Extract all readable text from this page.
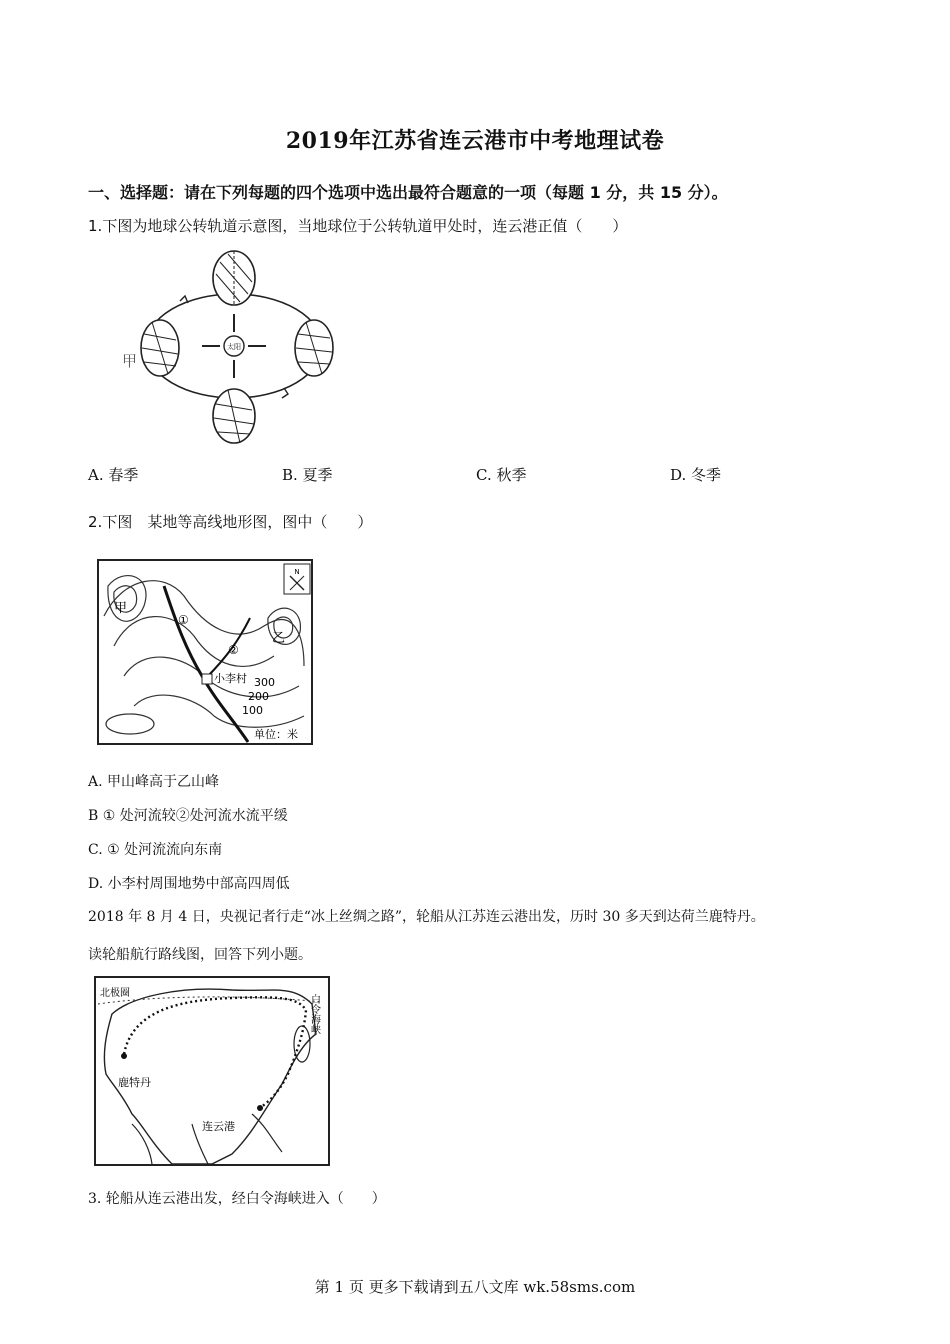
2019年江苏省连云港市中考地理试卷
一、选择题：请在下列每题的四个选项中选出最符合题意的一项（每题 1 分，共 15 分）。
1.下图为地球公转轨道示意图，当地球位于公转轨道甲处时，连云港正值（　　）
太阳
甲
A. 春季	B. 夏季	C. 秋季	D. 冬季
2.下图　某地等高线地形图，图中（　　）
N
甲
乙
①
②
小李村 300
200
100
单位：米
A. 甲山峰高于乙山峰
B ① 处河流较②处河流水流平缓
C. ① 处河流流向东南
D. 小李村周围地势中部高四周低
2018 年 8 月 4 日，央视记者行走“冰上丝绸之路”，轮船从江苏连云港出发，历时 30 多天到达荷兰鹿特丹。
读轮船航行路线图，回答下列小题。
北极圈
鹿特丹
连云港
白令海峡
3. 轮船从连云港出发，经白令海峡进入（　　）
第 1 页 更多下载请到五八文库 wk.58sms.com
